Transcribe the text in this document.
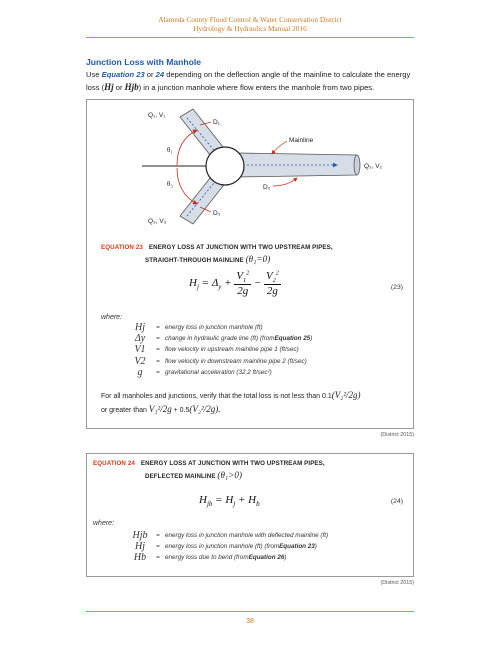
Alameda County Flood Control & Water Conservation District
Hydrology & Hydraulics Manual 2016
Junction Loss with Manhole
Use Equation 23 or 24 depending on the deflection angle of the mainline to calculate the energy loss (Hj or Hjb) in a junction manhole where flow enters the manhole from two pipes.
Q₁, V₁
D₁
θ₁
Mainline
Q₂, V₂
D₂
θ₃
D₃
Q₃, V₃
EQUATION 23 ENERGY LOSS AT JUNCTION WITH TWO UPSTREAM PIPES,
STRAIGHT-THROUGH MAINLINE (θ₁=0)
$H_j = \Delta_y + \frac{V_1^2}{2g} - \frac{V_2^2}{2g}$	(23)
where:
Hj	= energy loss in junction manhole (ft)
Δy	= change in hydraulic grade line (ft) (from Equation 25 )
V1	= flow velocity in upstream mainline pipe 1 (ft/sec)
V2	= flow velocity in downstream mainline pipe 2 (ft/sec)
g	= gravitational acceleration (32.2 ft/sec²)
For all manholes and junctions, verify that the total loss is not less than 0.1(V₂²/2g)
or greater than V₁²/2g + 0.5(V₂²/2g).
(District 2015)
EQUATION 24 ENERGY LOSS AT JUNCTION WITH TWO UPSTREAM PIPES,
DEFLECTED MAINLINE (θ₁>0)
$H_{jb} = H_j + H_b$	(24)
where:
Hjb	= energy loss in junction manhole with deflected mainline (ft)
Hj	= energy loss in junction manhole (ft) (from Equation 23 )
Hb	= energy loss due to bend (from Equation 26 )
(District 2015)
38
